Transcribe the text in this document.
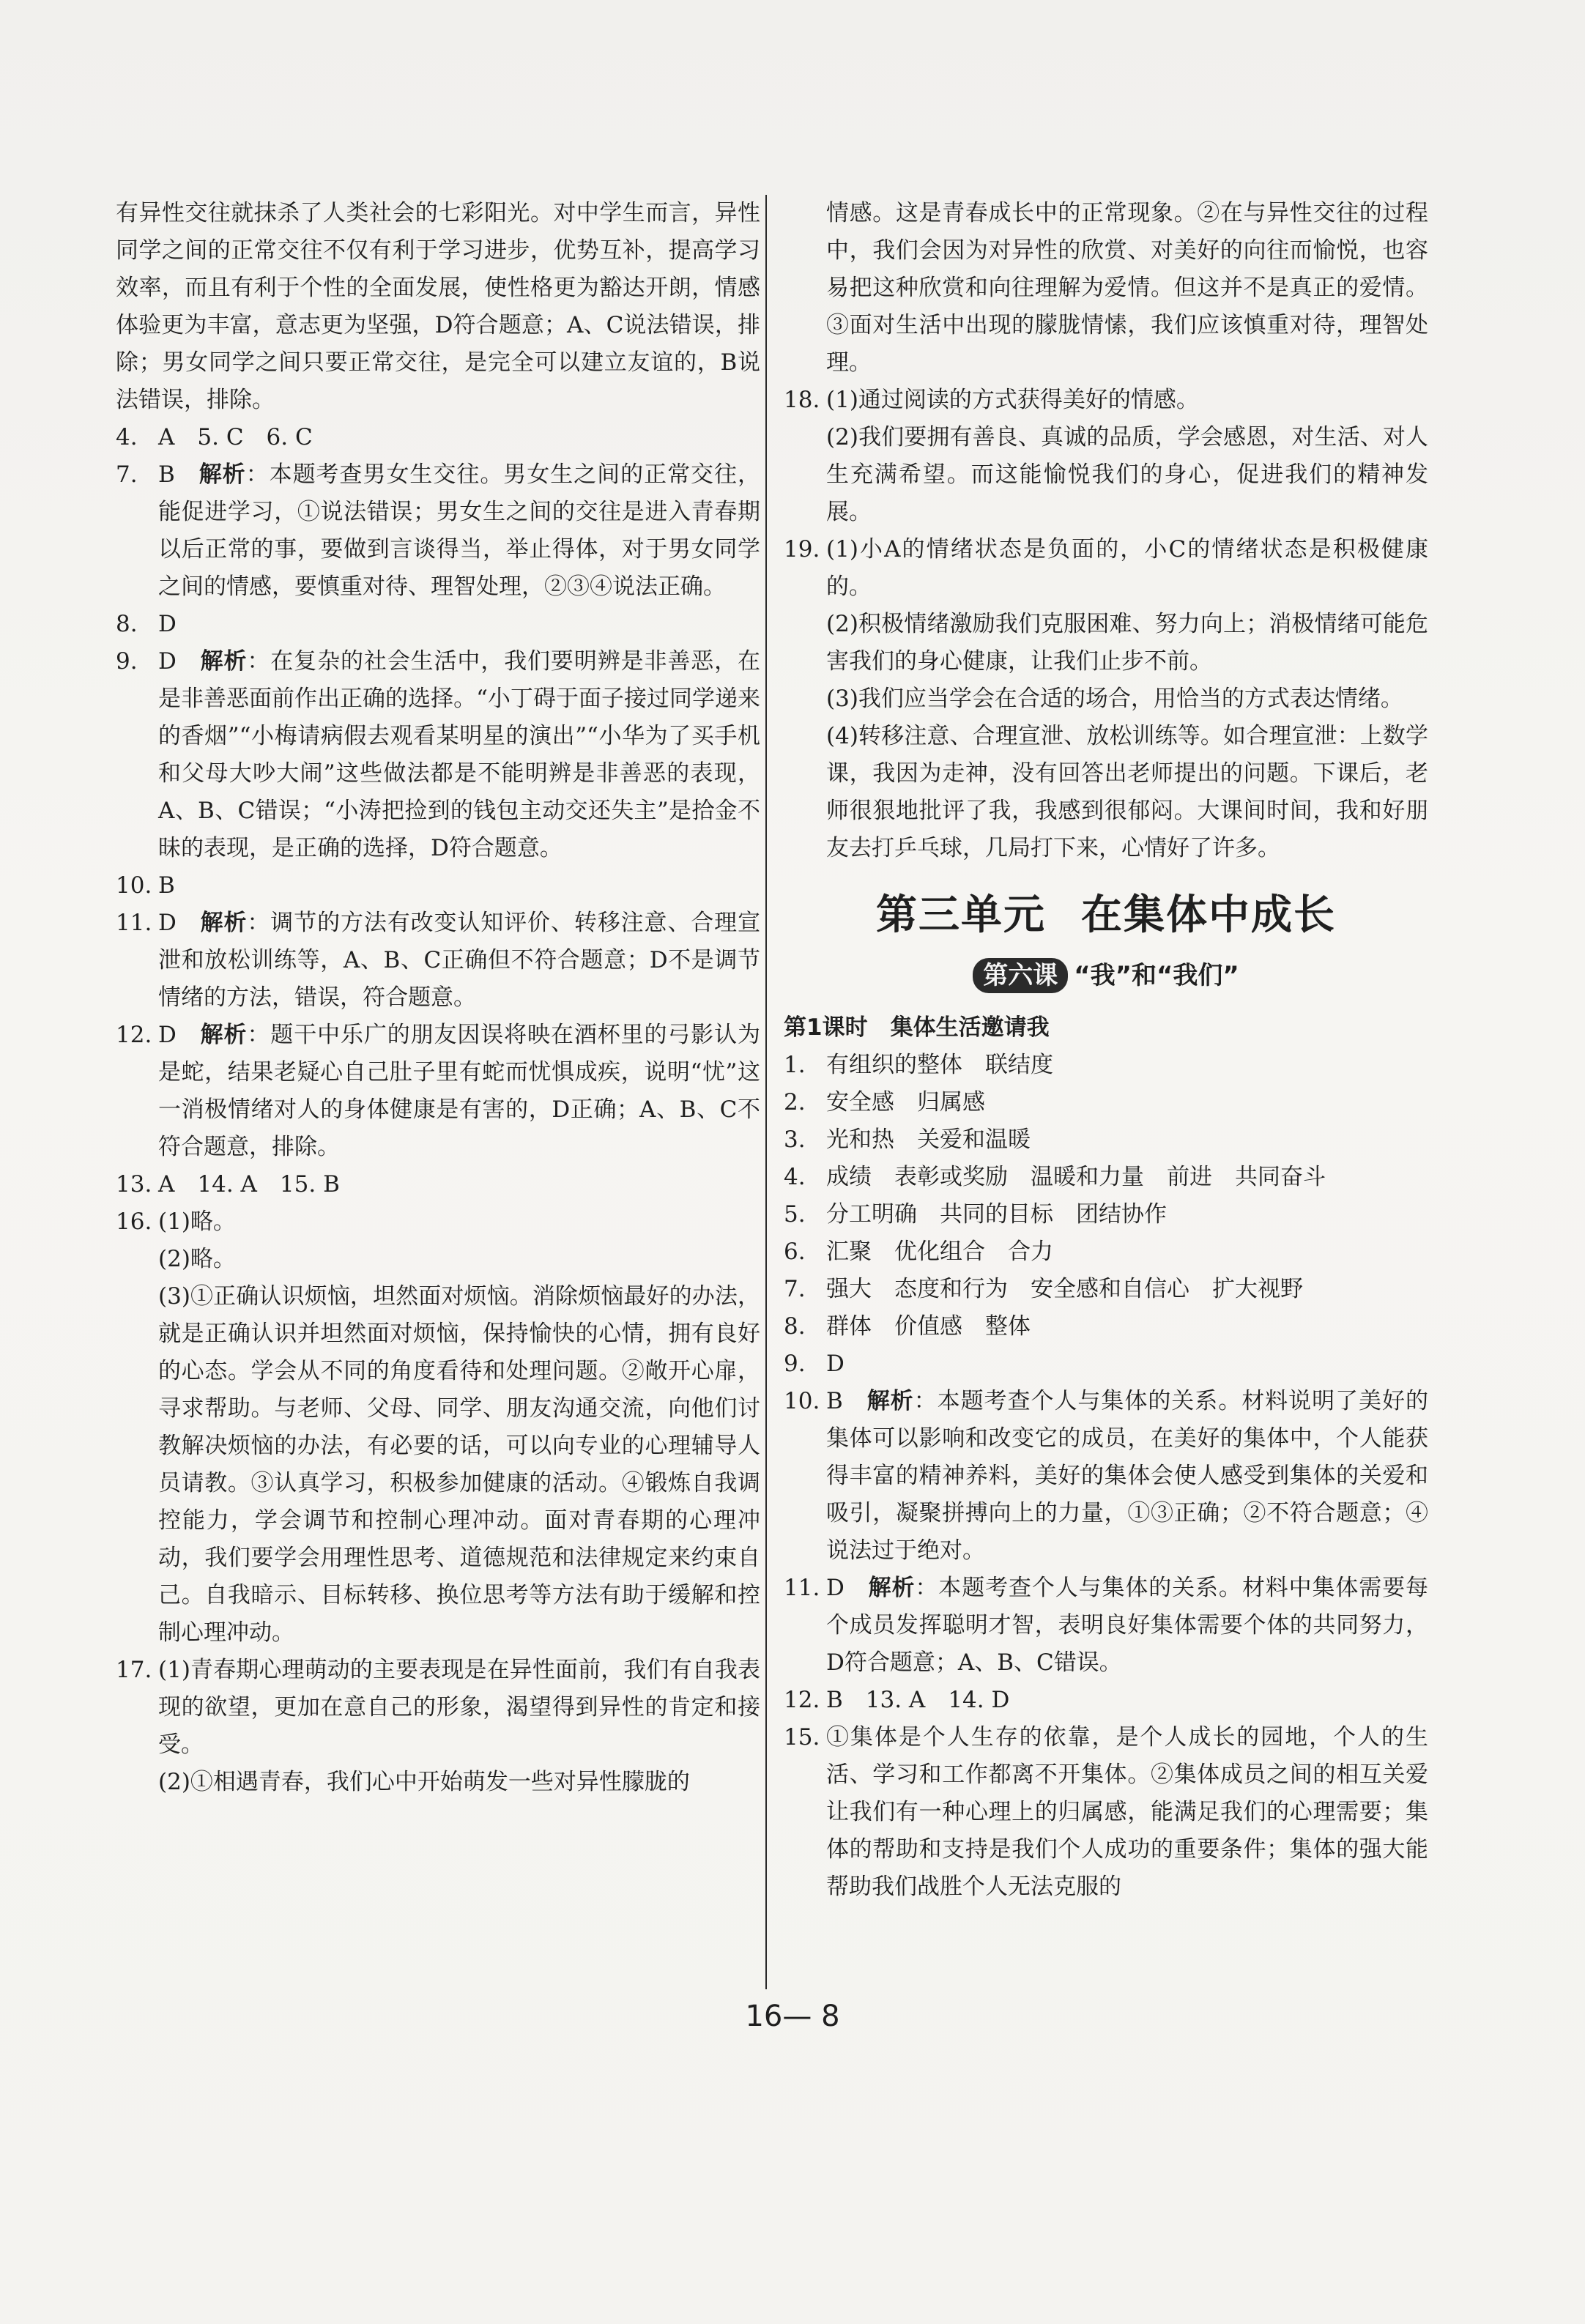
有异性交往就抹杀了人类社会的七彩阳光。对中学生而言，异性同学之间的正常交往不仅有利于学习进步，优势互补，提高学习效率，而且有利于个性的全面发展，使性格更为豁达开朗，情感体验更为丰富，意志更为坚强，D符合题意；A、C说法错误，排除；男女同学之间只要正常交往，是完全可以建立友谊的，B说法错误，排除。

4. A　5. C　6. C
7. B　解析：本题考查男女生交往。男女生之间的正常交往，能促进学习，①说法错误；男女生之间的交往是进入青春期以后正常的事，要做到言谈得当，举止得体，对于男女同学之间的情感，要慎重对待、理智处理，②③④说法正确。
8. D
9. D　解析：在复杂的社会生活中，我们要明辨是非善恶，在是非善恶面前作出正确的选择。“小丁碍于面子接过同学递来的香烟”“小梅请病假去观看某明星的演出”“小华为了买手机和父母大吵大闹”这些做法都是不能明辨是非善恶的表现，A、B、C错误；“小涛把捡到的钱包主动交还失主”是拾金不昧的表现，是正确的选择，D符合题意。
10. B
11. D　解析：调节的方法有改变认知评价、转移注意、合理宣泄和放松训练等，A、B、C正确但不符合题意；D不是调节情绪的方法，错误，符合题意。
12. D　解析：题干中乐广的朋友因误将映在酒杯里的弓影认为是蛇，结果老疑心自己肚子里有蛇而忧惧成疾，说明“忧”这一消极情绪对人的身体健康是有害的，D正确；A、B、C不符合题意，排除。
13. A　14. A　15. B
16. (1)略。

(2)略。

(3)①正确认识烦恼，坦然面对烦恼。消除烦恼最好的办法，就是正确认识并坦然面对烦恼，保持愉快的心情，拥有良好的心态。学会从不同的角度看待和处理问题。②敞开心扉，寻求帮助。与老师、父母、同学、朋友沟通交流，向他们讨教解决烦恼的办法，有必要的话，可以向专业的心理辅导人员请教。③认真学习，积极参加健康的活动。④锻炼自我调控能力，学会调节和控制心理冲动。面对青春期的心理冲动，我们要学会用理性思考、道德规范和法律规定来约束自己。自我暗示、目标转移、换位思考等方法有助于缓解和控制心理冲动。

17. (1)青春期心理萌动的主要表现是在异性面前，我们有自我表现的欲望，更加在意自己的形象，渴望得到异性的肯定和接受。

(2)①相遇青春，我们心中开始萌发一些对异性朦胧的

情感。这是青春成长中的正常现象。②在与异性交往的过程中，我们会因为对异性的欣赏、对美好的向往而愉悦，也容易把这种欣赏和向往理解为爱情。但这并不是真正的爱情。③面对生活中出现的朦胧情愫，我们应该慎重对待，理智处理。

18. (1)通过阅读的方式获得美好的情感。

(2)我们要拥有善良、真诚的品质，学会感恩，对生活、对人生充满希望。而这能愉悦我们的身心，促进我们的精神发展。

19. (1)小A的情绪状态是负面的，小C的情绪状态是积极健康的。

(2)积极情绪激励我们克服困难、努力向上；消极情绪可能危害我们的身心健康，让我们止步不前。

(3)我们应当学会在合适的场合，用恰当的方式表达情绪。

(4)转移注意、合理宣泄、放松训练等。如合理宣泄：上数学课，我因为走神，没有回答出老师提出的问题。下课后，老师很狠地批评了我，我感到很郁闷。大课间时间，我和好朋友去打乒乓球，几局打下来，心情好了许多。

第三单元 在集体中成长
第六课 “我”和“我们”

第1课时　集体生活邀请我

1. 有组织的整体　联结度
2. 安全感　归属感
3. 光和热　关爱和温暖
4. 成绩　表彰或奖励　温暖和力量　前进　共同奋斗
5. 分工明确　共同的目标　团结协作
6. 汇聚　优化组合　合力
7. 强大　态度和行为　安全感和自信心　扩大视野
8. 群体　价值感　整体
9. D
10. B　解析：本题考查个人与集体的关系。材料说明了美好的集体可以影响和改变它的成员，在美好的集体中，个人能获得丰富的精神养料，美好的集体会使人感受到集体的关爱和吸引，凝聚拼搏向上的力量，①③正确；②不符合题意；④说法过于绝对。
11. D　解析：本题考查个人与集体的关系。材料中集体需要每个成员发挥聪明才智，表明良好集体需要个体的共同努力，D符合题意；A、B、C错误。
12. B　13. A　14. D
15. ①集体是个人生存的依靠，是个人成长的园地，个人的生活、学习和工作都离不开集体。②集体成员之间的相互关爱让我们有一种心理上的归属感，能满足我们的心理需要；集体的帮助和支持是我们个人成功的重要条件；集体的强大能帮助我们战胜个人无法克服的
16— 8
